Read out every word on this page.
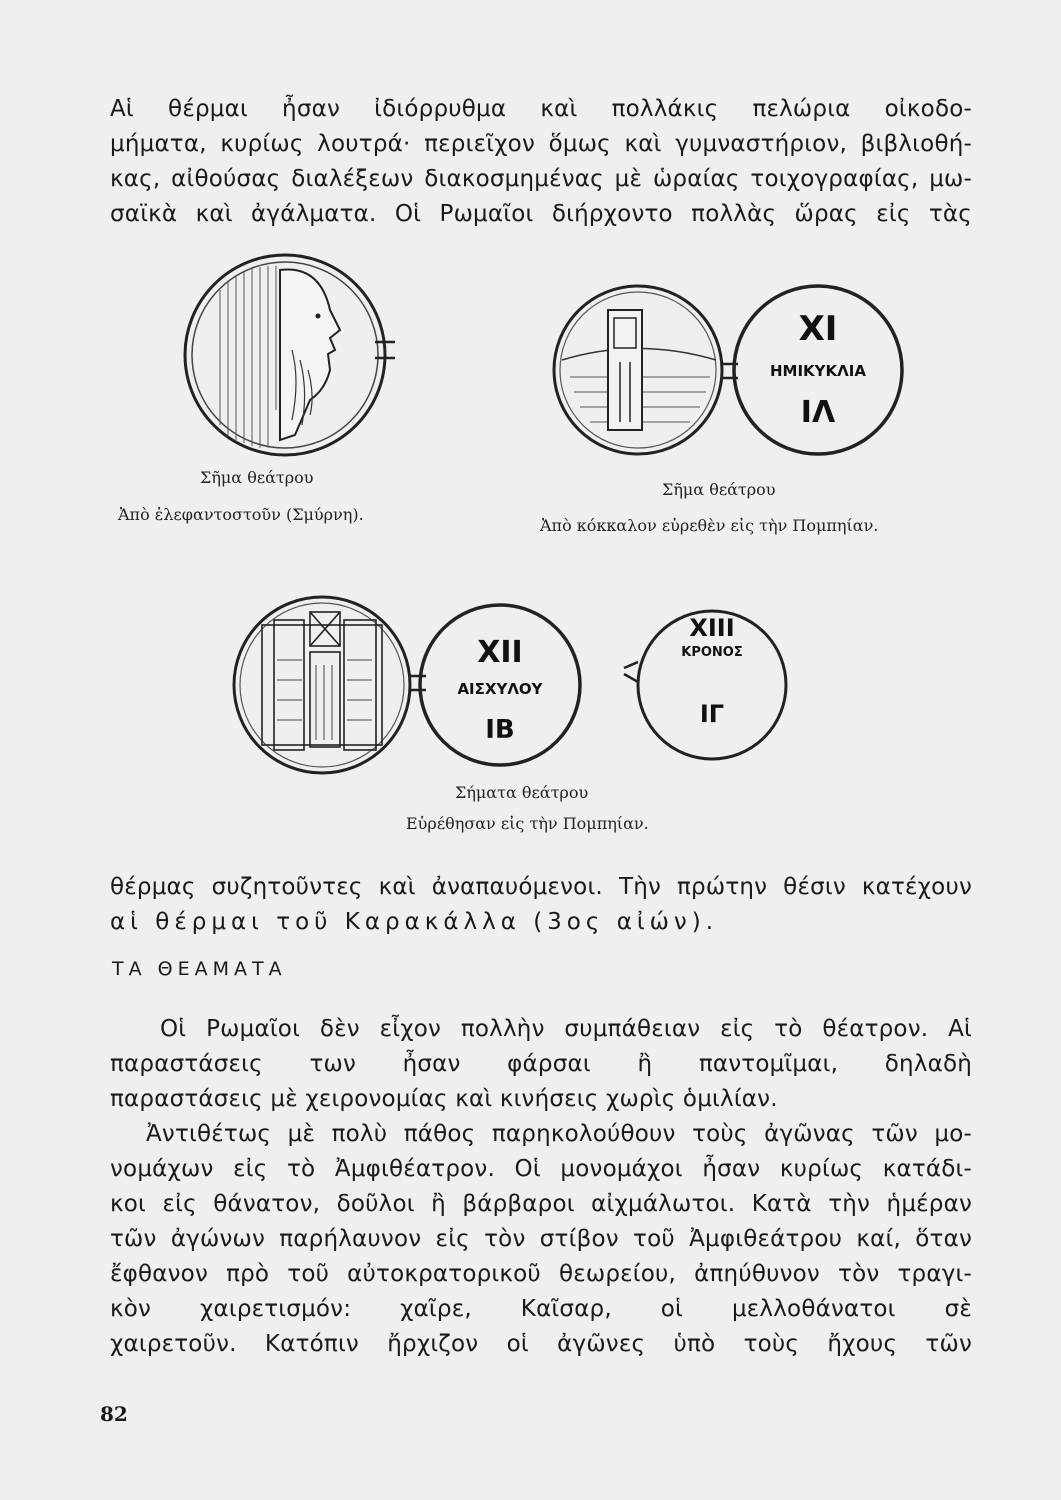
Αἱ θέρμαι ἦσαν ἰδιόρρυθμα καὶ πολλάκις πελώρια οἰκοδο-
μήματα, κυρίως λουτρά· περιεῖχον ὅμως καὶ γυμναστήριον, βιβλιοθή-
κας, αἰθούσας διαλέξεων διακοσμημένας μὲ ὡραίας τοιχογραφίας, μω-
σαϊκὰ καὶ ἀγάλματα. Οἱ Ρωμαῖοι διήρχοντο πολλὰς ὥρας εἰς τὰς
Σῆμα θεάτρου
Ἀπὸ ἐλεφαντοστοῦν (Σμύρνη).
XI
ΗΜΙΚΥΚΛΙΑ
ΙΛ
Σῆμα θεάτρου
Ἀπὸ κόκκαλον εὑρεθὲν εἰς τὴν Πομπηίαν.
XII
ΑΙΣΧΥΛΟΥ
ΙΒ
XIII
ΚΡΟΝΟΣ
ΙΓ
Σήματα θεάτρου
Εὑρέθησαν εἰς τὴν Πομπηίαν.
θέρμας συζητοῦντες καὶ ἀναπαυόμενοι. Τὴν πρώτην θέσιν κατέχουν
αἱ θέρμαι τοῦ Καρακάλλα (3ος αἰών).
ΤΑ ΘΕΑΜΑΤΑ
Οἱ Ρωμαῖοι δὲν εἶχον πολλὴν συμπάθειαν εἰς τὸ θέατρον. Αἱ
παραστάσεις των ἦσαν φάρσαι ἢ παντομῖμαι, δηλαδὴ
παραστάσεις μὲ χειρονομίας καὶ κινήσεις χωρὶς ὁμιλίαν.
Ἀντιθέτως μὲ πολὺ πάθος παρηκολούθουν τοὺς ἀγῶνας τῶν μο-
νομάχων εἰς τὸ Ἀμφιθέατρον. Οἱ μονομάχοι ἦσαν κυρίως κατάδι-
κοι εἰς θάνατον, δοῦλοι ἢ βάρβαροι αἰχμάλωτοι. Κατὰ τὴν ἡμέραν
τῶν ἀγώνων παρήλαυνον εἰς τὸν στίβον τοῦ Ἀμφιθεάτρου καί, ὅταν
ἔφθανον πρὸ τοῦ αὐτοκρατορικοῦ θεωρείου, ἀπηύθυνον τὸν τραγι-
κὸν χαιρετισμόν: χαῖρε, Καῖσαρ, οἱ μελλοθάνατοι σὲ
χαιρετοῦν. Κατόπιν ἤρχιζον οἱ ἀγῶνες ὑπὸ τοὺς ἤχους τῶν
82
